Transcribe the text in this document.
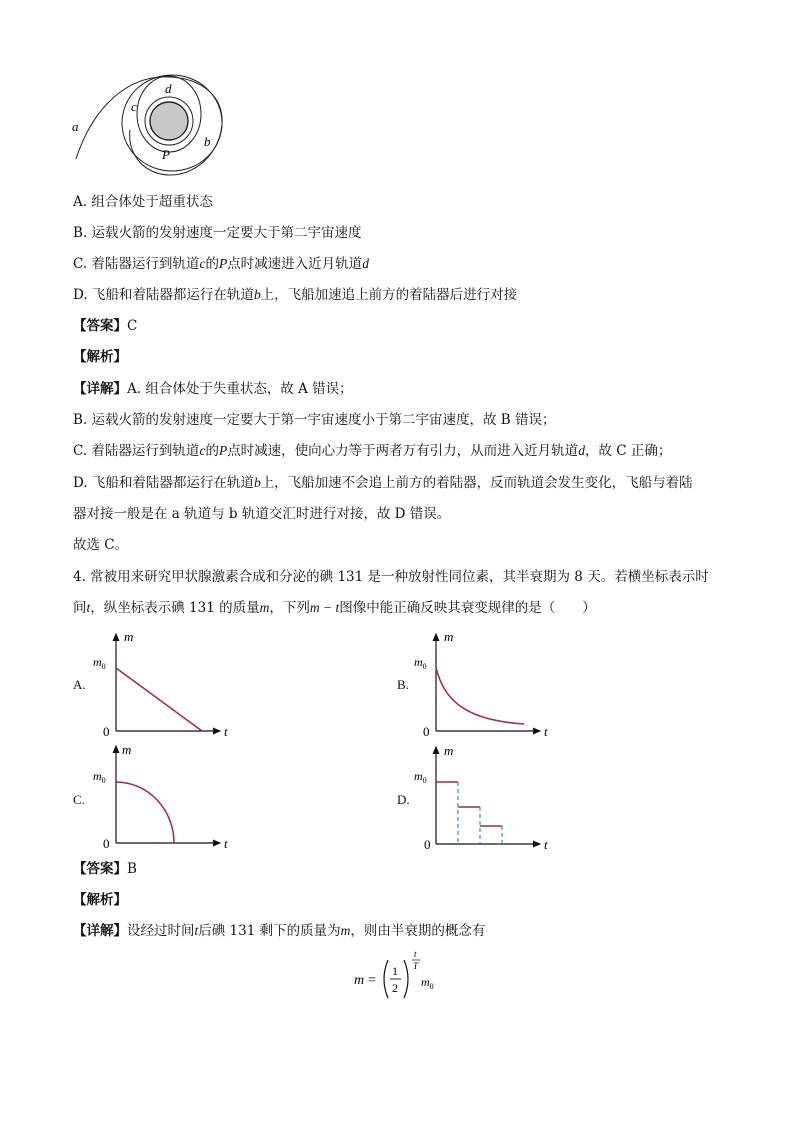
a
b
c
d
P
A. 组合体处于超重状态
B. 运载火箭的发射速度一定要大于第二宇宙速度
C. 着陆器运行到轨道c的P点时减速进入近月轨道d
D. 飞船和着陆器都运行在轨道b上，飞船加速追上前方的着陆器后进行对接
【答案】C
【解析】
【详解】A. 组合体处于失重状态，故 A 错误；
B. 运载火箭的发射速度一定要大于第一宇宙速度小于第二宇宙速度，故 B 错误；
C. 着陆器运行到轨道c的P点时减速，使向心力等于两者万有引力，从而进入近月轨道d，故 C 正确；
D. 飞船和着陆器都运行在轨道b上，飞船加速不会追上前方的着陆器，反而轨道会发生变化，飞船与着陆
器对接一般是在 a 轨道与 b 轨道交汇时进行对接，故 D 错误。
故选 C。
4. 常被用来研究甲状腺激素合成和分泌的碘 131 是一种放射性同位素，其半衰期为 8 天。若横坐标表示时
间t，纵坐标表示碘 131 的质量m，下列m − t图像中能正确反映其衰变规律的是（　　）
A.
m
t
0
$m_0$
B.
m
t
0
$m_0$
C.
m
t
0
$m_0$
D.
m
t
0
$m_0$
【答案】B
【解析】
【详解】设经过时间t后碘 131 剩下的质量为m，则由半衰期的概念有
m =
1
2
t
T
$m_0$
